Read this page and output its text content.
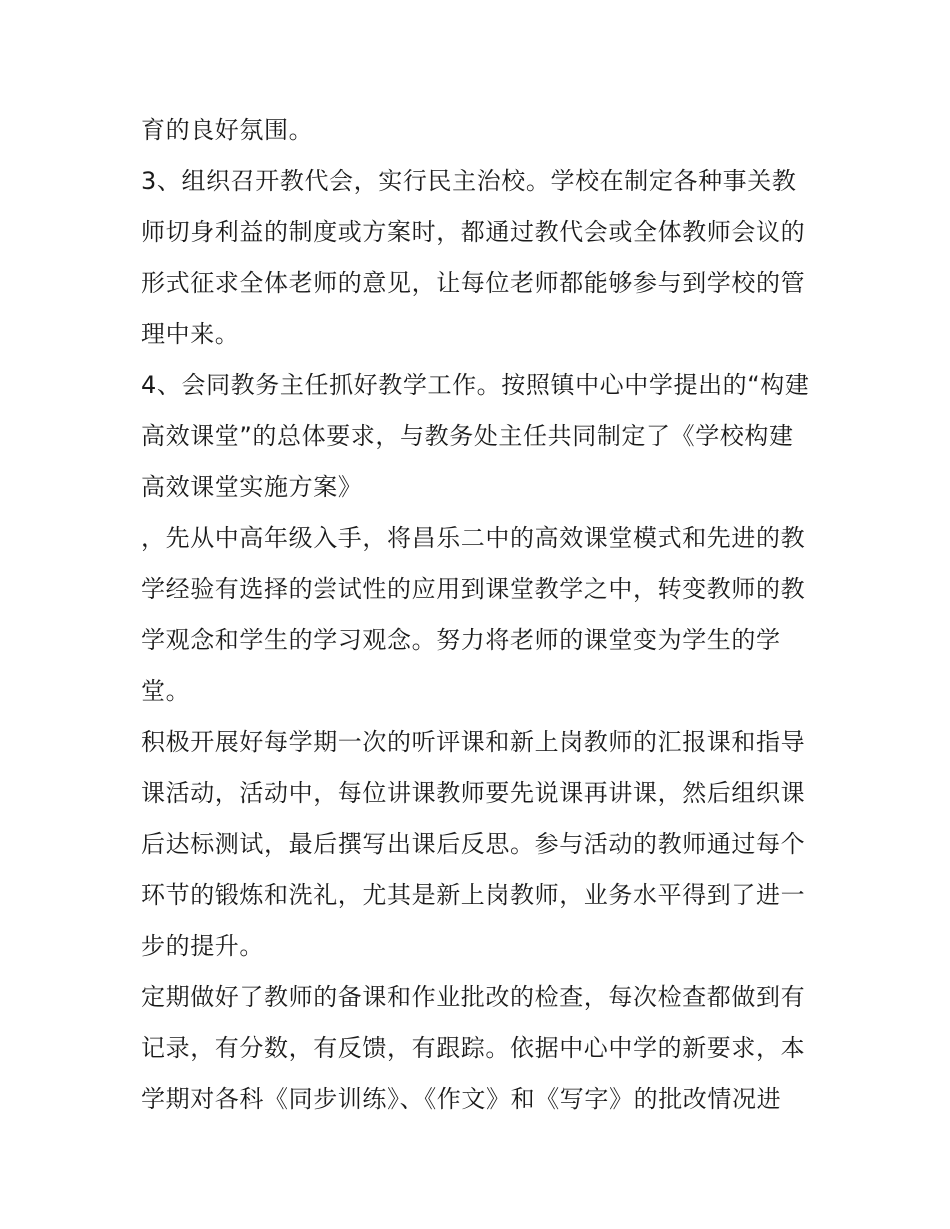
育的良好氛围。
3、组织召开教代会，实行民主治校。学校在制定各种事关教
师切身利益的制度或方案时，都通过教代会或全体教师会议的
形式征求全体老师的意见，让每位老师都能够参与到学校的管
理中来。
4、会同教务主任抓好教学工作。按照镇中心中学提出的“构建
高效课堂”的总体要求，与教务处主任共同制定了《学校构建
高效课堂实施方案》
，先从中高年级入手，将昌乐二中的高效课堂模式和先进的教
学经验有选择的尝试性的应用到课堂教学之中，转变教师的教
学观念和学生的学习观念。努力将老师的课堂变为学生的学
堂。
积极开展好每学期一次的听评课和新上岗教师的汇报课和指导
课活动，活动中，每位讲课教师要先说课再讲课，然后组织课
后达标测试，最后撰写出课后反思。参与活动的教师通过每个
环节的锻炼和洗礼，尤其是新上岗教师，业务水平得到了进一
步的提升。
定期做好了教师的备课和作业批改的检查，每次检查都做到有
记录，有分数，有反馈，有跟踪。依据中心中学的新要求，本
学期对各科《同步训练》、《作文》和《写字》的批改情况进
